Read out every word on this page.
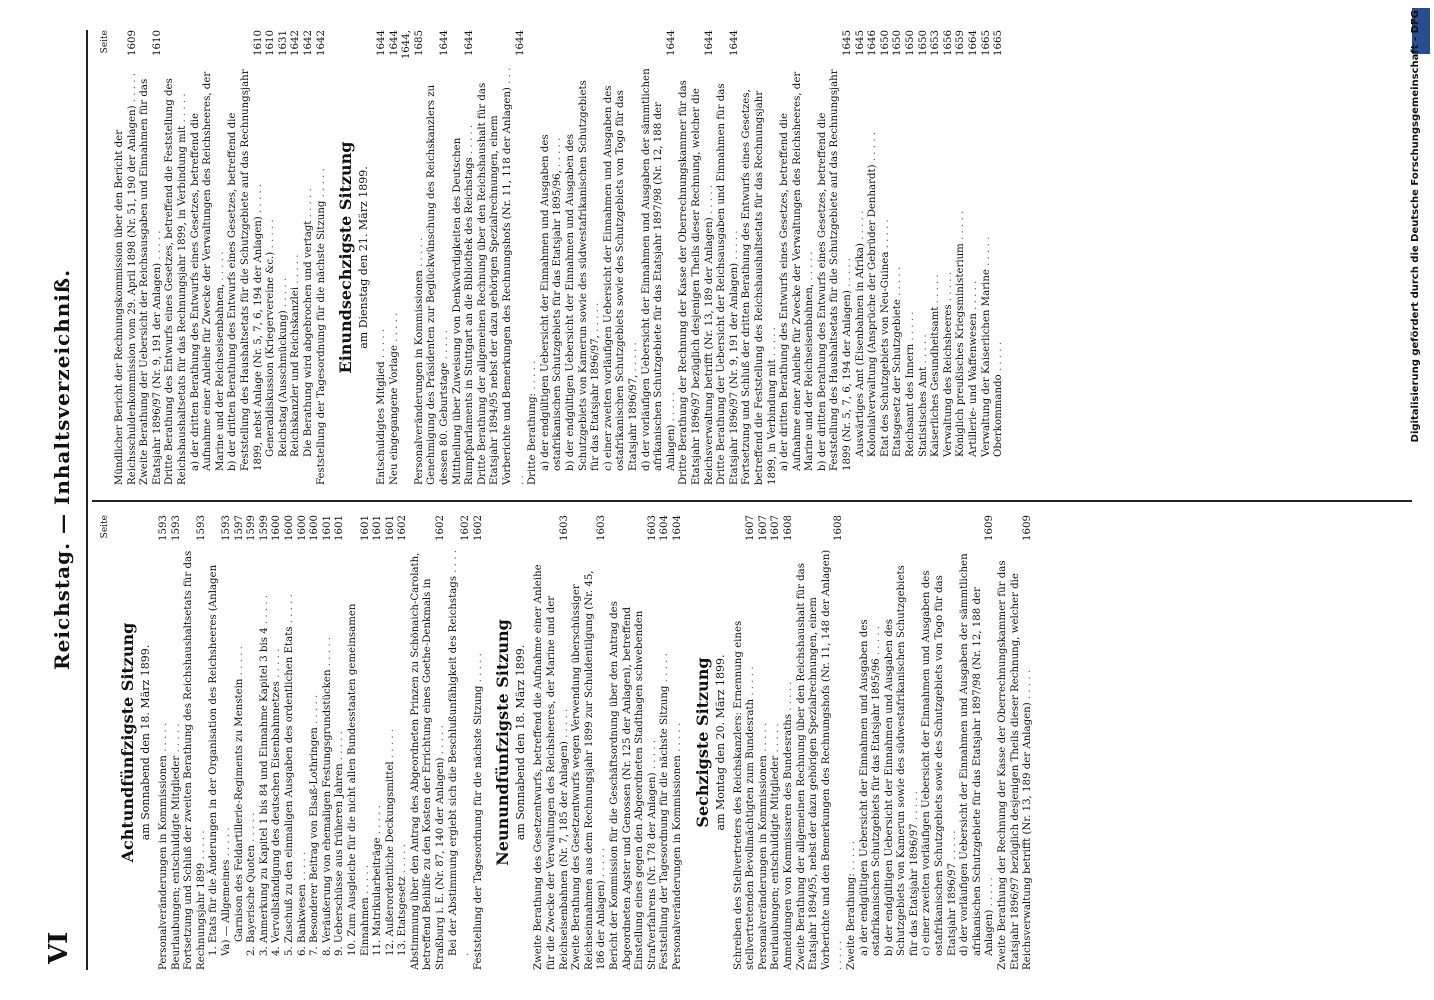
VI
Reichstag. — Inhaltsverzeichniß.	Seite
Achtundfünfzigste Sitzung am Sonnabend den 18. März 1899.
Personalveränderungen in Kommissionen . . .
1593
Beurlaubungen; entschuldigte Mitglieder . . .
1593
Fortsetzung und Schluß der zweiten Berathung des Reichshaushaltsetats für das Rechnungsjahr 1899 . . .
1593
1. Etats für die Änderungen in der Organisation des Reichsheeres (Anlagen Va) — Allgemeines . . .
1593
Garnison des Feldartillerie-Regiments zu Menstein . . .
1597
2. Bayerische Quoten . . .
1599
3. Anmerkung zu Kapitel 1 bis 84 und Einnahme Kapitel 3 bis 4 . . .
1599
4. Vervollständigung des deutschen Eisenbahnnetzes . . .
1600
5. Zuschuß zu den einmaligen Ausgaben des ordentlichen Etats . . .
1600
6. Bankwesen . . .
1600
7. Besonderer Beitrag von Elsaß-Lothringen . . .
1600
8. Veräußerung von ehemaligen Festungsgrundstücken . . .
1601
9. Ueberschüsse aus früheren Jahren . . .
1601
10. Zum Ausgleiche für die nicht allen Bundesstaaten gemeinsamen Einnahmen . . .
1601
11. Matrikularbeiträge . . .
1601
12. Außerordentliche Deckungsmittel . . .
1601
13. Etatsgesetz . . .
1602
Abstimmung über den Antrag des Abgeordneten Prinzen zu Schönaich-Carolath, betreffend Beihilfe zu den Kosten der Errichtung eines Goethe-Denkmals in Straßburg i. E. (Nr. 87, 140 der Anlagen) . . .
1602
Bei der Abstimmung ergiebt sich die Beschlußunfähigkeit des Reichstags . . .
1602
Feststellung der Tagesordnung für die nächste Sitzung . . .
1602
Neunundfünfzigste Sitzung am Sonnabend den 18. März 1899. Zweite Berathung des Gesetzentwurfs, betreffend die Aufnahme einer Anleihe für die Zwecke der Verwaltungen des Reichsheeres, der Marine und der Reichseisenbahnen (Nr. 7, 185 der Anlagen) . . .
1603
Zweite Berathung des Gesetzentwurfs wegen Verwendung überschüssiger Reichseinnahmen aus dem Rechnungsjahr 1899 zur Schuldentilgung (Nr. 45, 186 der Anlagen) . . .
1603
Bericht der Kommission für die Geschäftsordnung über den Antrag des Abgeordneten Agster und Genossen (Nr. 125 der Anlagen), betreffend Einstellung eines gegen den Abgeordneten Stadthagen schwebenden Strafverfahrens (Nr. 178 der Anlagen) . . .
1603
Feststellung der Tagesordnung für die nächste Sitzung . . .
1604
Personalveränderungen in Kommissionen . . .
1604
Sechzigste Sitzung am Montag den 20. März 1899. Schreiben des Stellvertreters des Reichskanzlers: Ernennung eines stellvertretenden Bevollmächtigten zum Bundesrath . . .
1607
Personalveränderungen in Kommissionen . . .
1607
Beurlaubungen; entschuldigte Mitglieder . . .
1607
Anmeldungen von Kommissaren des Bundesraths . . .
1608
Zweite Berathung der allgemeinen Rechnung über den Reichshaushalt für das Etatsjahr 1894/95, nebst der dazu gehörigen Spezialrechnungen, einem Vorberichte und den Bemerkungen des Rechnungshofs (Nr. 11, 148 der Anlagen) . . .
1608
Zweite Berathung: . . . a) der endgültigen Uebersicht der Einnahmen und Ausgaben des ostafrikanischen Schutzgebiets für das Etatsjahr 1895/96 . . . b) der endgültigen Uebersicht der Einnahmen und Ausgaben des Schutzgebiets von Kamerun sowie des südwestafrikanischen Schutzgebiets für das Etatsjahr 1896/97 . . . c) einer zweiten vorläufigen Uebersicht der Einnahmen und Ausgaben des ostafrikanischen Schutzgebiets sowie des Schutzgebiets von Togo für das Etatsjahr 1896/97 . . . d) der vorläufigen Uebersicht der Einnahmen und Ausgaben der sämmtlichen afrikanischen Schutzgebiete für das Etatsjahr 1897/98 (Nr. 12, 188 der Anlagen) . . .
1609
Zweite Berathung der Rechnung der Kasse der Oberrechnungskammer für das Etatsjahr 1896/97 bezüglich desjenigen Theils dieser Rechnung, welcher die Reichsverwaltung betrifft (Nr. 13, 189 der Anlagen) . . .
1609
Seite
Mündlicher Bericht der Rechnungskommission über den Bericht der Reichsschuldenkommission vom 29. April 1898 (Nr. 51, 190 der Anlagen) . . .
1609
Zweite Berathung der Uebersicht der Reichsausgaben und Einnahmen für das Etatsjahr 1896/97 (Nr. 9, 191 der Anlagen) . . .
1610
Dritte Berathung des Entwurfs eines Gesetzes, betreffend die Feststellung des Reichshaushaltsetats für das Rechnungsjahr 1899, in Verbindung mit . . . a) der dritten Berathung des Entwurfs eines Gesetzes, betreffend die Aufnahme einer Anleihe für Zwecke der Verwaltungen des Reichsheeres, der Marine und der Reichseisenbahnen, . . . b) der dritten Berathung des Entwurfs eines Gesetzes, betreffend die Feststellung des Haushaltsetats für die Schutzgebiete auf das Rechnungsjahr 1899, nebst Anlage (Nr. 5, 7, 6, 194 der Anlagen) . . .
1610
Generaldiskussion (Kriegervereine &c.) . . .
1610
Reichstag (Ausschmückung) . . .
1631
Reichskanzler und Reichskanzlei . . .
1642
Die Berathung wird abgebrochen und vertagt . . .
1642
Feststellung der Tagesordnung für die nächste Sitzung . . .
1642
Einundsechzigste Sitzung am Dienstag den 21. März 1899.
Entschuldigtes Mitglied . . .
1644
Neu eingegangene Vorlage . . .
1644
Personalveränderungen in Kommissionen . . .
1644, 1685
Genehmigung des Präsidenten zur Beglückwünschung des Reichskanzlers zu dessen 80. Geburtstage . . .
1644
Mittheilung über Zuweisung von Denkwürdigkeiten des Deutschen Rumpfparlaments in Stuttgart an die Bibliothek des Reichstags . . .
1644
Dritte Berathung der allgemeinen Rechnung über den Reichshaushalt für das Etatsjahr 1894/95 nebst der dazu gehörigen Spezialrechnungen, einem Vorberichte und Bemerkungen des Rechnungshofs (Nr. 11, 118 der Anlagen) . . .
1644
Dritte Berathung: . . . a) der endgültigen Uebersicht der Einnahmen und Ausgaben des ostafrikanischen Schutzgebiets für das Etatsjahr 1895/96, . . . b) der endgültigen Uebersicht der Einnahmen und Ausgaben des Schutzgebiets von Kamerun sowie des südwestafrikanischen Schutzgebiets für das Etatsjahr 1896/97, . . . c) einer zweiten vorläufigen Uebersicht der Einnahmen und Ausgaben des ostafrikanischen Schutzgebiets sowie des Schutzgebiets von Togo für das Etatsjahr 1896/97, . . . d) der vorläufigen Uebersicht der Einnahmen und Ausgaben der sämmtlichen afrikanischen Schutzgebiete für das Etatsjahr 1897/98 (Nr. 12, 188 der Anlagen) . . .
1644
Dritte Berathung der Rechnung der Kasse der Oberrechnungskammer für das Etatsjahr 1896/97 bezüglich desjenigen Theils dieser Rechnung, welcher die Reichsverwaltung betrifft (Nr. 13, 189 der Anlagen) . . .
1644
Dritte Berathung der Uebersicht der Reichsausgaben und Einnahmen für das Etatsjahr 1896/97 (Nr. 9, 191 der Anlagen) . . .
1644
Fortsetzung und Schluß der dritten Berathung des Entwurfs eines Gesetzes, betreffend die Feststellung des Reichshaushaltsetats für das Rechnungsjahr 1899, in Verbindung mit . . . a) der dritten Berathung des Entwurfs eines Gesetzes, betreffend die Aufnahme einer Anleihe für Zwecke der Verwaltungen des Reichsheeres, der Marine und der Reichseisenbahnen, . . . b) der dritten Berathung des Entwurfs eines Gesetzes, betreffend die Feststellung des Haushaltsetats für die Schutzgebiete auf das Rechnungsjahr 1899 (Nr. 5, 7, 6, 194 der Anlagen) . . .
1645
Auswärtiges Amt (Eisenbahnen in Afrika) . . .
1645
Kolonialverwaltung (Ansprüche der Gebrüder Denhardt) . . .
1646
Etat des Schutzgebiets von Neu-Guinea . . .
1650
Etatsgesetz der Schutzgebiete . . .
1650
Reichsamt des Innern . . .
1650
Statistisches Amt . . .
1650
Kaiserliches Gesundheitsamt . . .
1653
Verwaltung des Reichsheeres . . .
1656
Königlich preußisches Kriegsministerium . . .
1659
Artillerie- und Waffenwesen . . .
1664
Verwaltung der Kaiserlichen Marine . . .
1665
Oberkommando . . .
1665	Digitalisierung gefördert durch die Deutsche Forschungsgemeinschaft - DFG
